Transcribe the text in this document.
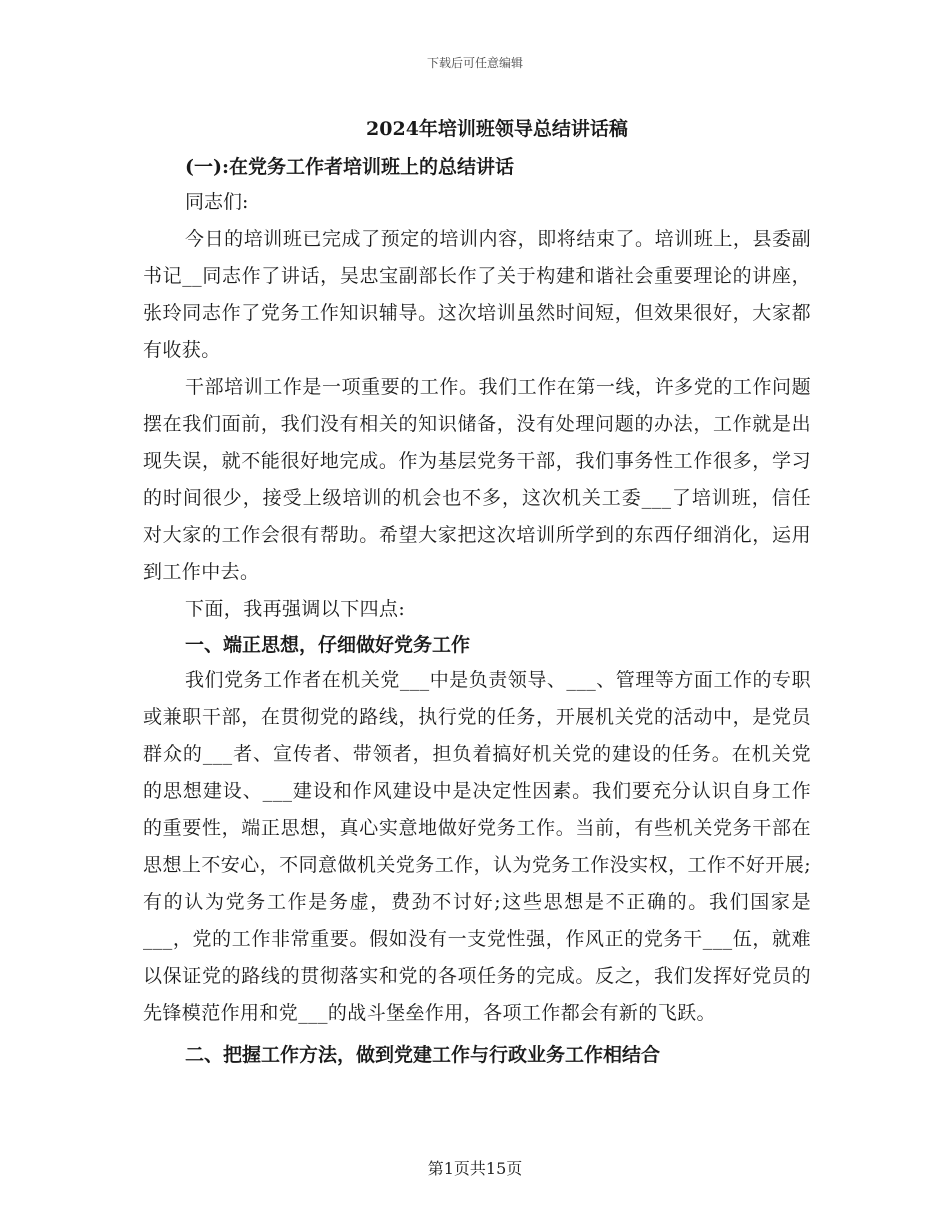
下载后可任意编辑
2024年培训班领导总结讲话稿
(一):在党务工作者培训班上的总结讲话

同志们:

今日的培训班已完成了预定的培训内容，即将结束了。培训班上，县委副书记__同志作了讲话，吴忠宝副部长作了关于构建和谐社会重要理论的讲座，张玲同志作了党务工作知识辅导。这次培训虽然时间短，但效果很好，大家都有收获。

干部培训工作是一项重要的工作。我们工作在第一线，许多党的工作问题摆在我们面前，我们没有相关的知识储备，没有处理问题的办法，工作就是出现失误，就不能很好地完成。作为基层党务干部，我们事务性工作很多，学习的时间很少，接受上级培训的机会也不多，这次机关工委___了培训班，信任对大家的工作会很有帮助。希望大家把这次培训所学到的东西仔细消化，运用到工作中去。

下面，我再强调以下四点:

一、端正思想，仔细做好党务工作

我们党务工作者在机关党___中是负责领导、___、管理等方面工作的专职或兼职干部，在贯彻党的路线，执行党的任务，开展机关党的活动中，是党员群众的___者、宣传者、带领者，担负着搞好机关党的建设的任务。在机关党的思想建设、___建设和作风建设中是决定性因素。我们要充分认识自身工作的重要性，端正思想，真心实意地做好党务工作。当前，有些机关党务干部在思想上不安心，不同意做机关党务工作，认为党务工作没实权，工作不好开展;有的认为党务工作是务虚，费劲不讨好;这些思想是不正确的。我们国家是___，党的工作非常重要。假如没有一支党性强，作风正的党务干___伍，就难以保证党的路线的贯彻落实和党的各项任务的完成。反之，我们发挥好党员的先锋模范作用和党___的战斗堡垒作用，各项工作都会有新的飞跃。

二、把握工作方法，做到党建工作与行政业务工作相结合
第1页共15页
